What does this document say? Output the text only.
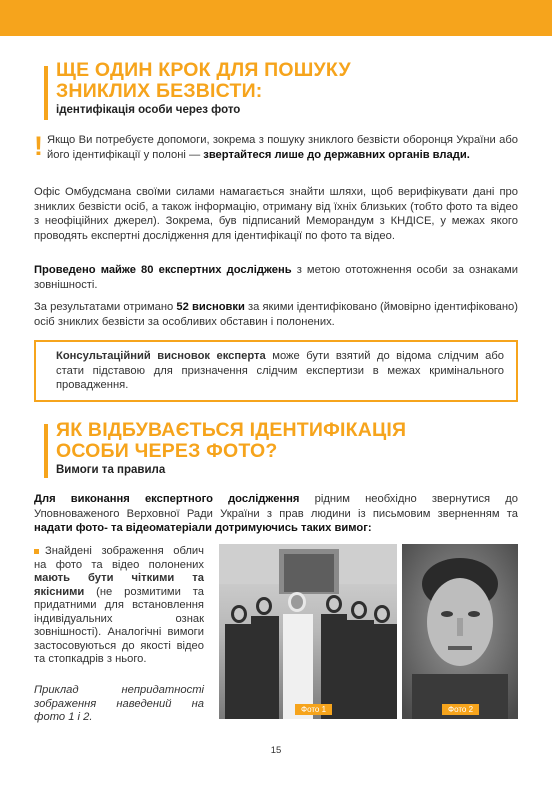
ЩЕ ОДИН КРОК ДЛЯ ПОШУКУ
ЗНИКЛИХ БЕЗВІСТИ:
ідентифікація особи через фото
! Якщо Ви потребуєте допомоги, зокрема з пошуку зниклого безвісти оборонця України або його ідентифікації у полоні — звертайтеся лише до державних органів влади.
Офіс Омбудсмана своїми силами намагається знайти шляхи, щоб верифікувати дані про зниклих безвісти осіб, а також інформацію, отриману від їхніх близьких (тобто фото та відео з неофіційних джерел). Зокрема, був підписаний Меморандум з КНДІСЕ, у межах якого проводять експертні дослідження для ідентифікації по фото та відео.
Проведено майже 80 експертних досліджень з метою ототожнення особи за ознаками зовнішності.
За результатами отримано 52 висновки за якими ідентифіковано (ймовірно ідентифіковано) осіб зниклих безвісти за особливих обставин і полонених.
Консультаційний висновок експерта може бути взятий до відома слідчим або стати підставою для призначення слідчим експертизи в межах кримінального провадження.
ЯК ВІДБУВАЄТЬСЯ ІДЕНТИФІКАЦІЯ
ОСОБИ ЧЕРЕЗ ФОТО?
Вимоги та правила
Для виконання експертного дослідження рідним необхідно звернутися до Уповноваженого Верховної Ради України з прав людини із письмовим зверненням та надати фото- та відеоматеріали дотримуючись таких вимог:
Знайдені зображення облич на фото та відео полонених мають бути чіткими та якісними (не розмитими та придатними для встановлення індивідуальних ознак зовнішності). Аналогічні вимоги застосовуються до якості відео та стопкадрів з нього.
Приклад непридатності зображення наведений на фото 1 і 2.
Фото 1	Фото 2
15
